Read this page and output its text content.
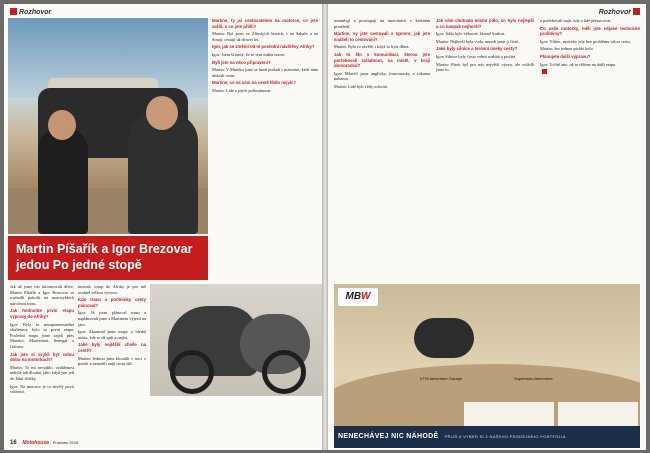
Rozhovor
Martin Píšařík a Igor Brezovar jedou Po jedné stopě

Jak už jsme vás informovali dříve, Martin Píšařík a Igor Brezovar se rozhodli pokořit na motocyklech náročnou trasu.

Jak hodnotíte první etapu výpravy do Afriky?

Igor: Byla to nezapomenutelná zkušenost, bylo to první etapa. Poslední etapu jsme zajeli přes Maroko, Mauretánii, Senegal a Guineu.

Jak jste si zvykli být celou dobu na motorkách?

Martin: To mi nevadilo, vzdálenost nebyla tak dlouhá, jako když jste jeli do Jižní Afriky.

Igor: Na motorce je to skvělý pocit volnosti.

motorů, vstup do Afriky je pro mě osobně velkou výzvou.

Kdo trasu a podmínky cesty plánoval?

Igor: Já jsem plánoval trasu a naplánovali jsme s Martinem výjezd na jaro.

Igor: Zkoumal jsem mapy a hledal místa, kde se dá spát a najíst.

Jaké byly nejtěžší chvíle na cestě?

Martin: Jednou jsme bloudili v noci v poušti a nemohli najít cestu dál.

Martine, ty jsi cestovatelem na motorce, co jste zažili, o co jste přišli?

Martin: Byl jsem ve Zlínských horách, i na Sahaře a na Sinaji, cestuji už dvacet let.

Igor, jak se změnil od té poslední návštěvy Afriky?

Igor: Jsem šťastný, že se sem můžu vracet.

Byli jste na něco připravení?

Martin: V Maroku jsme se hned potkali s místními, kteří nám ukázali cestu.

Martine, co se vám na cestě líbilo nejvíc?

Martin: Lidé a jejich pohostinnost.

16 Motohouse Prosinec 2019
Rozhovor

uzemňují a prostupují na motorkách v krásném prostředí.

Martine, vy jste cestovali s Igorem; jak jste snášeli to cestování?

Martin: Bylo to skvělé, i když to byla dřina.

Jak to šlo s komunikací, kterou jste potřebovali zvládnout, na místě, v kraji domorodců?

Igor: Mluvili jsme anglicky, francouzsky a rukama nohama.

Martin: Lidé byli vždy ochotní.

Jak vám chutnalo místní jídlo, co bylo nejlepší a co naopak nejhorší?

Igor: Jídlo bylo výborné, hlavně kuskus.

Martin: Nejhorší byla voda, museli jsme ji čistit.

Jaké byly silnice a terénní úseky cesty?

Igor: Silnice byly často velmi rozbité a písčité.

Martin: Písek byl pro nás největší výzva, ale zvládli jsme to.

a potřebovali najít, kdy a kde přenocovat.

Co vaše motorky, měli jste nějaké technické problémy?

Igor: Vůbec, motorky jely bez problému celou cestu.

Martin: Jen jednou píchlé kolo.

Plánujete další výpravu?

Igor: Určitě ano, už se těšíme na další etapu.

MBW
KTM Adventure Garage	Supermoto Adventure
NENECHÁVEJ NIC NÁHODĚ PŘIJĎ A VYBER SI Z NAŠEHO PRODEJNÍHO PORTFOLIA
